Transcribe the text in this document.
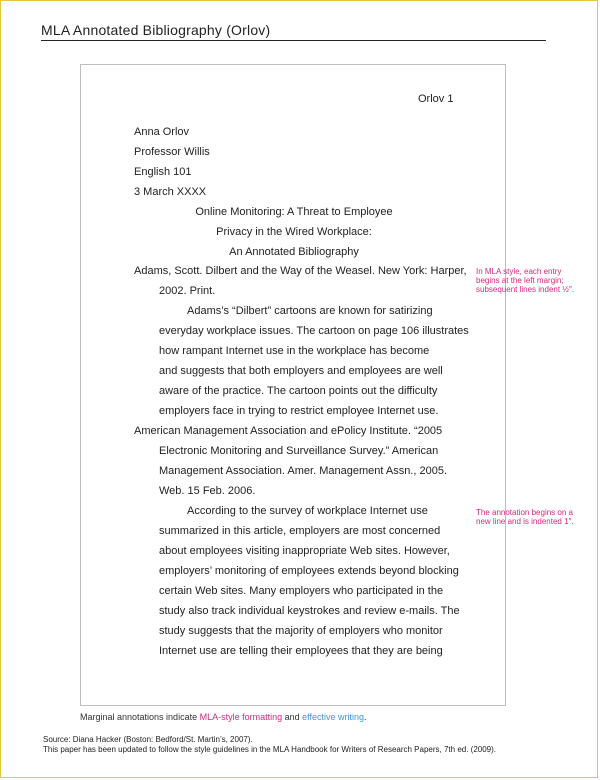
MLA Annotated Bibliography (Orlov)
Orlov 1
Anna Orlov
Professor Willis
English 101
3 March XXXX
Online Monitoring: A Threat to Employee
Privacy in the Wired Workplace:
An Annotated Bibliography
Adams, Scott. Dilbert and the Way of the Weasel. New York: Harper,
2002. Print.
Adams’s “Dilbert” cartoons are known for satirizing
everyday workplace issues. The cartoon on page 106 illustrates
how rampant Internet use in the workplace has become
and suggests that both employers and employees are well
aware of the practice. The cartoon points out the difficulty
employers face in trying to restrict employee Internet use.
American Management Association and ePolicy Institute. “2005
Electronic Monitoring and Surveillance Survey.” American
Management Association. Amer. Management Assn., 2005.
Web. 15 Feb. 2006.
According to the survey of workplace Internet use
summarized in this article, employers are most concerned
about employees visiting inappropriate Web sites. However,
employers’ monitoring of employees extends beyond blocking
certain Web sites. Many employers who participated in the
study also track individual keystrokes and review e-mails. The
study suggests that the majority of employers who monitor
Internet use are telling their employees that they are being
In MLA style, each entry begins at the left margin; subsequent lines indent ½″.
The annotation begins on a new line and is indented 1″.
Marginal annotations indicate MLA-style formatting and effective writing.
Source: Diana Hacker (Boston: Bedford/St. Martin’s, 2007).
This paper has been updated to follow the style guidelines in the MLA Handbook for Writers of Research Papers, 7th ed. (2009).
